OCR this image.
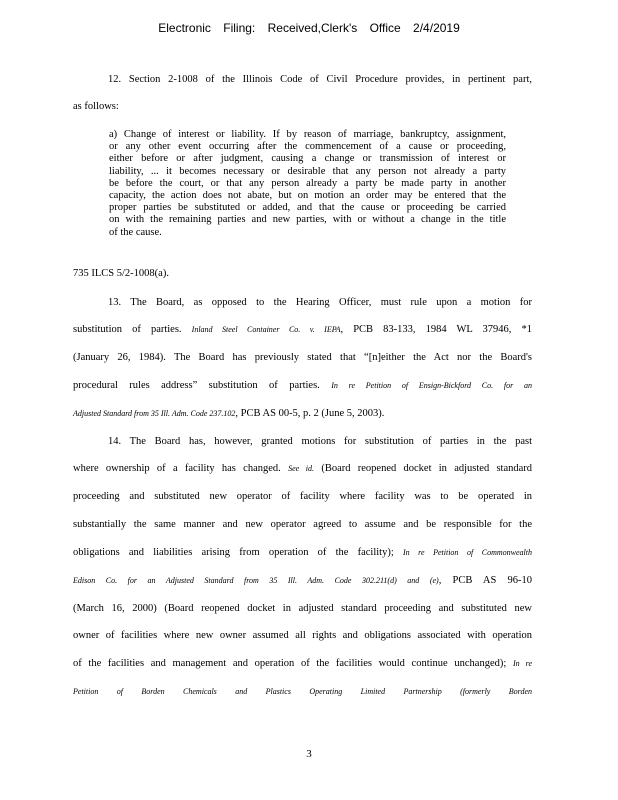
Electronic Filing: Received,Clerk's Office 2/4/2019
12. Section 2-1008 of the Illinois Code of Civil Procedure provides, in pertinent part,
as follows:
a) Change of interest or liability. If by reason of marriage, bankruptcy, assignment,
or any other event occurring after the commencement of a cause or proceeding,
either before or after judgment, causing a change or transmission of interest or
liability, ... it becomes necessary or desirable that any person not already a party
be before the court, or that any person already a party be made party in another
capacity, the action does not abate, but on motion an order may be entered that the
proper parties be substituted or added, and that the cause or proceeding be carried
on with the remaining parties and new parties, with or without a change in the title
of the cause.
735 ILCS 5/2-1008(a).
13. The Board, as opposed to the Hearing Officer, must rule upon a motion for
substitution of parties. Inland Steel Container Co. v. IEPA, PCB 83-133, 1984 WL 37946, *1
(January 26, 1984). The Board has previously stated that “[n]either the Act nor the Board's
procedural rules address” substitution of parties. In re Petition of Ensign-Bickford Co. for an
Adjusted Standard from 35 Ill. Adm. Code 237.102, PCB AS 00-5, p. 2 (June 5, 2003).
14. The Board has, however, granted motions for substitution of parties in the past
where ownership of a facility has changed. See id. (Board reopened docket in adjusted standard
proceeding and substituted new operator of facility where facility was to be operated in
substantially the same manner and new operator agreed to assume and be responsible for the
obligations and liabilities arising from operation of the facility); In re Petition of Commonwealth
Edison Co. for an Adjusted Standard from 35 Ill. Adm. Code 302.211(d) and (e), PCB AS 96-10
(March 16, 2000) (Board reopened docket in adjusted standard proceeding and substituted new
owner of facilities where new owner assumed all rights and obligations associated with operation
of the facilities and management and operation of the facilities would continue unchanged); In re
Petition of Borden Chemicals and Plastics Operating Limited Partnership (formerly Borden
3
